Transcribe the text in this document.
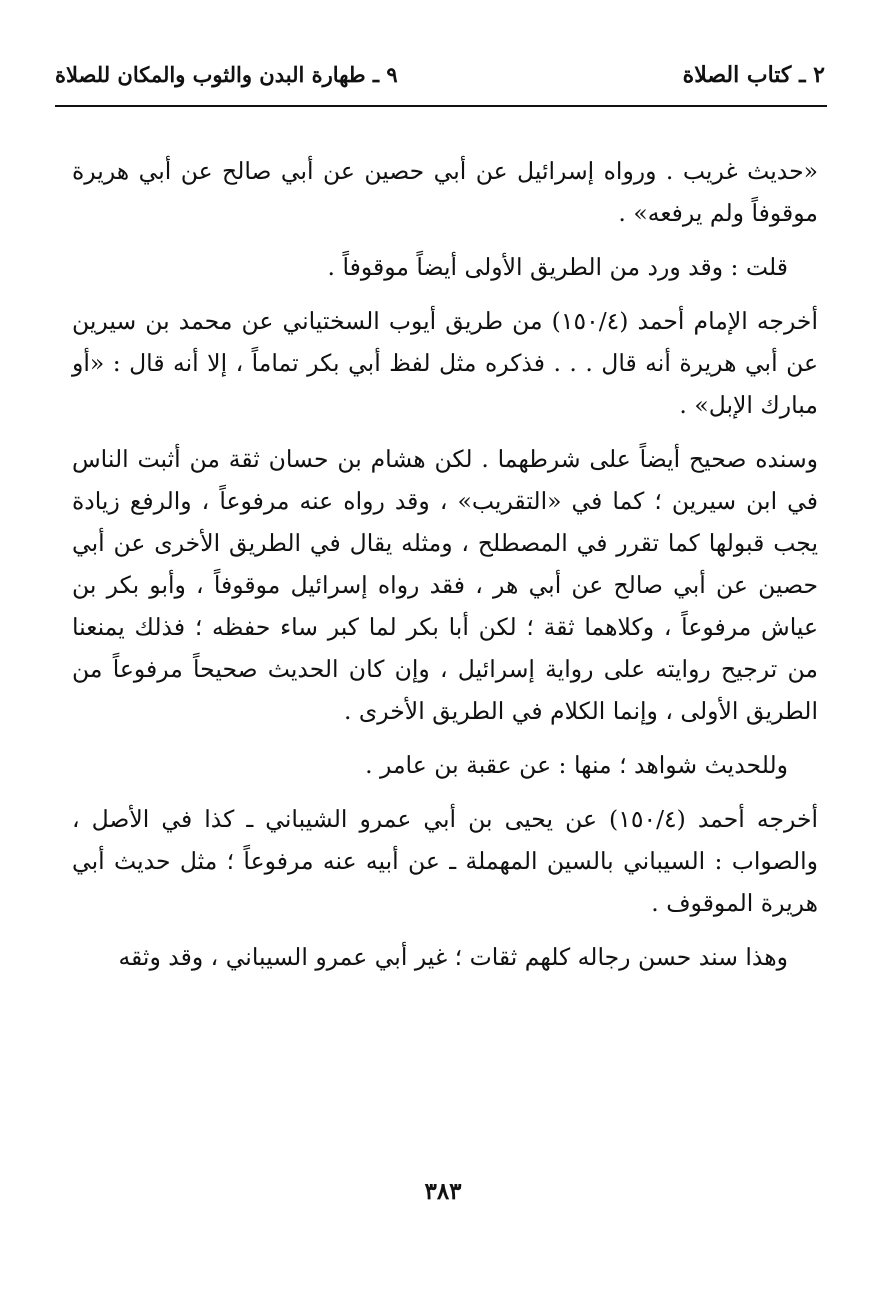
٢ ـ كتاب الصلاة
٩ ـ طهارة البدن والثوب والمكان للصلاة

«حديث غريب . ورواه إسرائيل عن أبي حصين عن أبي صالح عن أبي هريرة موقوفاً ولم يرفعه» .

قلت : وقد ورد من الطريق الأولى أيضاً موقوفاً .

أخرجه الإمام أحمد (١٥٠/٤) من طريق أيوب السختياني عن محمد بن سيرين عن أبي هريرة أنه قال . . . فذكره مثل لفظ أبي بكر تماماً ، إلا أنه قال : «أو مبارك الإبل» .

وسنده صحيح أيضاً على شرطهما . لكن هشام بن حسان ثقة من أثبت الناس في ابن سيرين ؛ كما في «التقريب» ، وقد رواه عنه مرفوعاً ، والرفع زيادة يجب قبولها كما تقرر في المصطلح ، ومثله يقال في الطريق الأخرى عن أبي حصين عن أبي صالح عن أبي هر ، فقد رواه إسرائيل موقوفاً ، وأبو بكر بن عياش مرفوعاً ، وكلاهما ثقة ؛ لكن أبا بكر لما كبر ساء حفظه ؛ فذلك يمنعنا من ترجيح روايته على رواية إسرائيل ، وإن كان الحديث صحيحاً مرفوعاً من الطريق الأولى ، وإنما الكلام في الطريق الأخرى .

وللحديث شواهد ؛ منها : عن عقبة بن عامر .

أخرجه أحمد (١٥٠/٤) عن يحيى بن أبي عمرو الشيباني ـ كذا في الأصل ، والصواب : السيباني بالسين المهملة ـ عن أبيه عنه مرفوعاً ؛ مثل حديث أبي هريرة الموقوف .

وهذا سند حسن رجاله كلهم ثقات ؛ غير أبي عمرو السيباني ، وقد وثقه

٣٨٣
